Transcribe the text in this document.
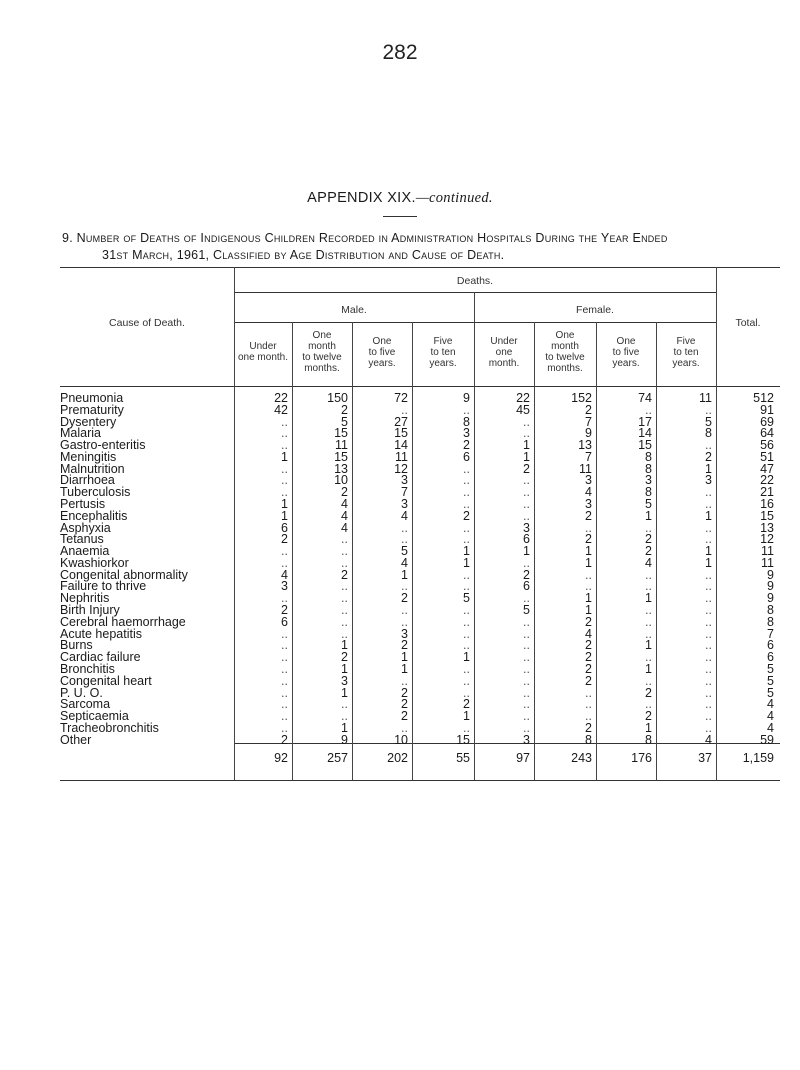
282
APPENDIX XIX.—continued.
9. Number of Deaths of Indigenous Children Recorded in Administration Hospitals During the Year Ended
31st March, 1961, Classified by Age Distribution and Cause of Death.
Cause of Death.
Deaths.
Male.	Female.
Total.
Under
one month.
One
month
to twelve
months.
One
to five
years.
Five
to ten
years.
Under
one
month.
One
month
to twelve
months.
One
to five
years.
Five
to ten
years.
Pneumonia	22	150	72	9	22	152	74	11	512
Prematurity	42	2	..	..	45	2	..	..	91
Dysentery	..	5	27	8	..	7	17	5	69
Malaria	..	15	15	3	..	9	14	8	64
Gastro-enteritis	..	11	14	2	1	13	15	..	56
Meningitis	1	15	11	6	1	7	8	2	51
Malnutrition	..	13	12	..	2	11	8	1	47
Diarrhoea	..	10	3	..	..	3	3	3	22
Tuberculosis	..	2	7	..	..	4	8	..	21
Pertusis	1	4	3	..	..	3	5	..	16
Encephalitis	1	4	4	2	..	2	1	1	15
Asphyxia	6	4	..	..	3	..	..	..	13
Tetanus	2	..	..	..	6	2	2	..	12
Anaemia	..	..	5	1	1	1	2	1	11
Kwashiorkor	..	..	4	1	..	1	4	1	11
Congenital abnormality	4	2	1	..	2	..	..	..	9
Failure to thrive	3	..	..	..	6	..	..	..	9
Nephritis	..	..	2	5	..	1	1	..	9
Birth Injury	2	..	..	..	5	1	..	..	8
Cerebral haemorrhage	6	..	..	..	..	2	..	..	8
Acute hepatitis	..	..	3	..	..	4	..	..	7
Burns	..	1	2	..	..	2	1	..	6
Cardiac failure	..	2	1	1	..	2	..	..	6
Bronchitis	..	1	1	..	..	2	1	..	5
Congenital heart	..	3	..	..	..	2	..	..	5
P. U. O.	..	1	2	..	..	..	2	..	5
Sarcoma	..	..	2	2	..	..	..	..	4
Septicaemia	..	..	2	1	..	..	2	..	4
Tracheobronchitis	..	1	..	..	..	2	1	..	4
Other	2	9	10	15	3	8	8	4	59
92	257	202	55	97	243	176	37	1,159
